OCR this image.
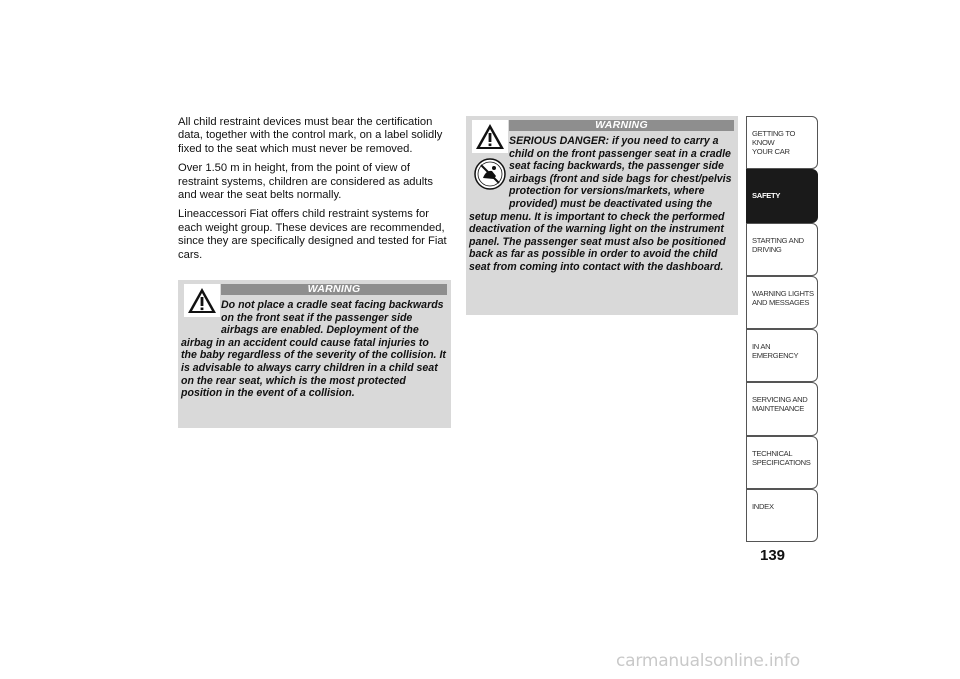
All child restraint devices must bear the certification data, together with the control mark, on a label solidly fixed to the seat which must never be removed.

Over 1.50 m in height, from the point of view of restraint systems, children are considered as adults and wear the seat belts normally.

Lineaccessori Fiat offers child restraint systems for each weight group. These devices are recommended, since they are specifically designed and tested for Fiat cars.

WARNING
Do not place a cradle seat facing backwards on the front seat if the passenger side airbags are enabled. Deployment of the airbag in an accident could cause fatal injuries to the baby regardless of the severity of the collision. It is advisable to always carry children in a child seat on the rear seat, which is the most protected position in the event of a collision.
WARNING
SERIOUS DANGER: if you need to carry a child on the front passenger seat in a cradle seat facing backwards, the passenger side airbags (front and side bags for chest/pelvis protection for versions/markets, where provided) must be deactivated using the setup menu. It is important to check the performed deactivation of the warning light on the instrument panel. The passenger seat must also be positioned back as far as possible in order to avoid the child seat from coming into contact with the dashboard.
GETTING TO KNOW
YOUR CAR
SAFETY
STARTING AND
DRIVING
WARNING LIGHTS
AND MESSAGES
IN AN EMERGENCY
SERVICING AND
MAINTENANCE
TECHNICAL
SPECIFICATIONS
INDEX
139
carmanualsonline.info
